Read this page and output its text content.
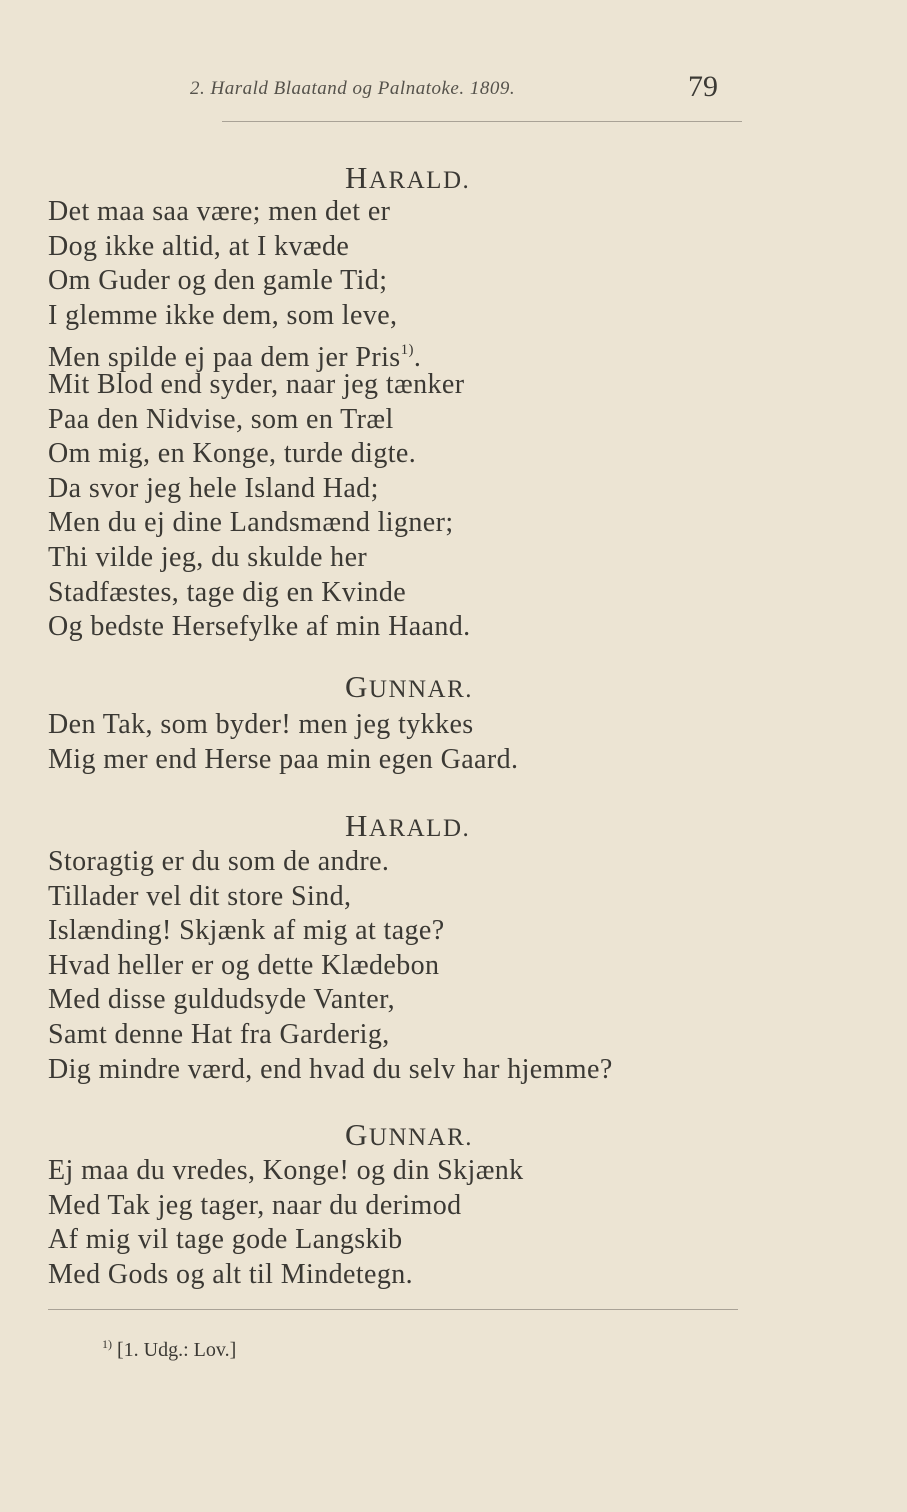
2. Harald Blaatand og Palnatoke. 1809.	79
HARALD.
Det maa saa være; men det er
Dog ikke altid, at I kvæde
Om Guder og den gamle Tid;
I glemme ikke dem, som leve,
Men spilde ej paa dem jer Pris$^{1)}$.
Mit Blod end syder, naar jeg tænker
Paa den Nidvise, som en Træl
Om mig, en Konge, turde digte.
Da svor jeg hele Island Had;
Men du ej dine Landsmænd ligner;
Thi vilde jeg, du skulde her
Stadfæstes, tage dig en Kvinde
Og bedste Hersefylke af min Haand.
GUNNAR.
Den Tak, som byder! men jeg tykkes
Mig mer end Herse paa min egen Gaard.
HARALD.
Storagtig er du som de andre.
Tillader vel dit store Sind,
Islænding! Skjænk af mig at tage?
Hvad heller er og dette Klædebon
Med disse guldudsyde Vanter,
Samt denne Hat fra Garderig,
Dig mindre værd, end hvad du selv har hjemme?
GUNNAR.
Ej maa du vredes, Konge! og din Skjænk
Med Tak jeg tager, naar du derimod
Af mig vil tage gode Langskib
Med Gods og alt til Mindetegn.
$^{1)}$ [1. Udg.: Lov.]
